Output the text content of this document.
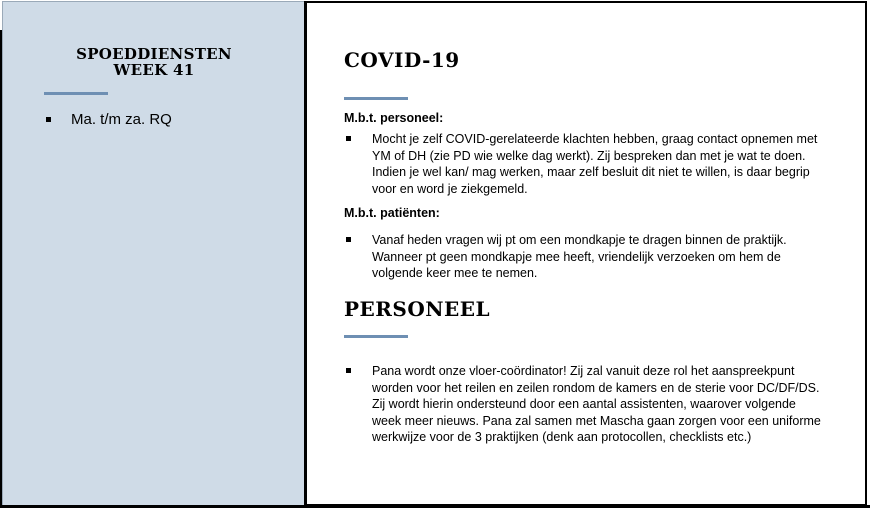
SPOEDDIENSTEN
WEEK 41
Ma. t/m za. RQ
COVID-19
M.b.t. personeel:
Mocht je zelf COVID-gerelateerde klachten hebben, graag contact opnemen met YM of DH (zie PD wie welke dag werkt). Zij bespreken dan met je wat te doen. Indien je wel kan/ mag werken, maar zelf besluit dit niet te willen, is daar begrip voor en word je ziekgemeld.
M.b.t. patiënten:
Vanaf heden vragen wij pt om een mondkapje te dragen binnen de praktijk. Wanneer pt geen mondkapje mee heeft, vriendelijk verzoeken om hem de volgende keer mee te nemen.
PERSONEEL
Pana wordt onze vloer-coördinator! Zij zal vanuit deze rol het aanspreekpunt worden voor het reilen en zeilen rondom de kamers en de sterie voor DC/DF/DS. Zij wordt hierin ondersteund door een aantal assistenten, waarover volgende week meer nieuws. Pana zal samen met Mascha gaan zorgen voor een uniforme werkwijze voor de 3 praktijken (denk aan protocollen, checklists etc.)
